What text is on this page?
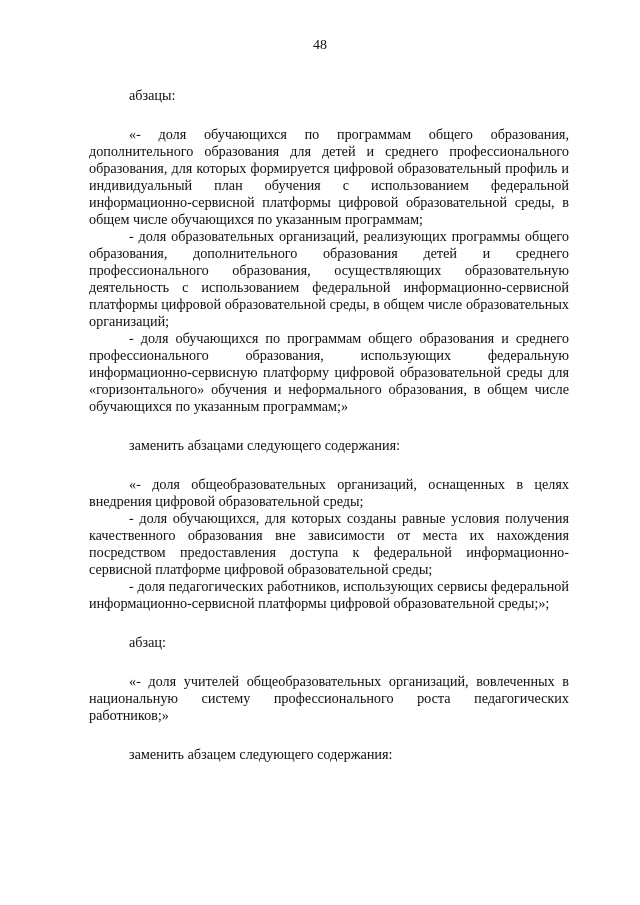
48

абзацы:

«- доля обучающихся по программам общего образования, дополнительного образования для детей и среднего профессионального образования, для которых формируется цифровой образовательный профиль и индивидуальный план обучения с использованием федеральной информационно-сервисной платформы цифровой образовательной среды, в общем числе обучающихся по указанным программам;

- доля образовательных организаций, реализующих программы общего образования, дополнительного образования детей и среднего профессионального образования, осуществляющих образовательную деятельность с использованием федеральной информационно-сервисной платформы цифровой образовательной среды, в общем числе образовательных организаций;

- доля обучающихся по программам общего образования и среднего профессионального образования, использующих федеральную информационно-сервисную платформу цифровой образовательной среды для «горизонтального» обучения и неформального образования, в общем числе обучающихся по указанным программам;»

заменить абзацами следующего содержания:

«- доля общеобразовательных организаций, оснащенных в целях внедрения цифровой образовательной среды;

- доля обучающихся, для которых созданы равные условия получения качественного образования вне зависимости от места их нахождения посредством предоставления доступа к федеральной информационно-сервисной платформе цифровой образовательной среды;

- доля педагогических работников, использующих сервисы федеральной информационно-сервисной платформы цифровой образовательной среды;»;

абзац:

«- доля учителей общеобразовательных организаций, вовлеченных в национальную систему профессионального роста педагогических работников;»

заменить абзацем следующего содержания:
